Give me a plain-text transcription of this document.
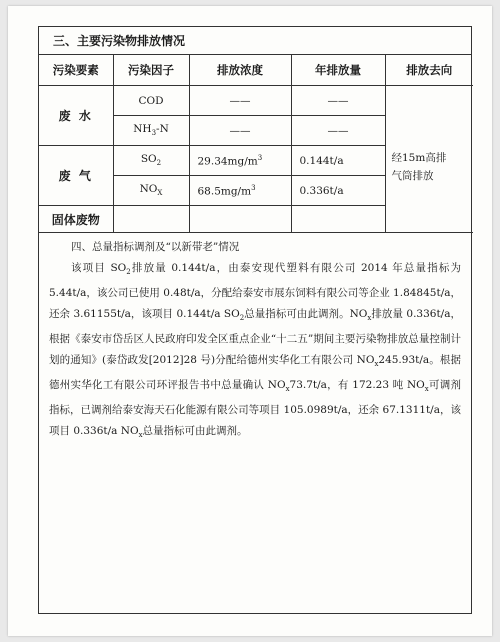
三、主要污染物排放情况
污染要素	污染因子	排放浓度	年排放量	排放去向
废 水	COD	——	——	经15m高排
气筒排放

	$NH_3-N$	——	——	
废 气	$SO_2$	$29.34mg/m^3$	0.144t/a	
	$NO_X$	$68.5mg/m^3$	0.336t/a	
固体废物				
四、总量指标调剂及“以新带老”情况

该项目 $SO_2$排放量 0.144t/a，由泰安现代塑料有限公司 2014 年总量指标为 5.44t/a，该公司已使用 0.48t/a，分配给泰安市展东饲料有限公司等企业 1.84845t/a，还余 3.61155t/a，该项目 0.144t/a $SO_2$总量指标可由此调剂。$NO_x$排放量 0.336t/a，根据《泰安市岱岳区人民政府印发全区重点企业“十二五”期间主要污染物排放总量控制计划的通知》(泰岱政发[2012]28 号)分配给德州实华化工有限公司 $NO_x245.93t/a$。根据德州实华化工有限公司环评报告书中总量确认 $NO_x73.7t/a$，有 172.23 吨 $NO_x$可调剂指标，已调剂给泰安海天石化能源有限公司等项目 105.0989t/a，还余 67.1311t/a，该项目 0.336t/a $NO_x$总量指标可由此调剂。
